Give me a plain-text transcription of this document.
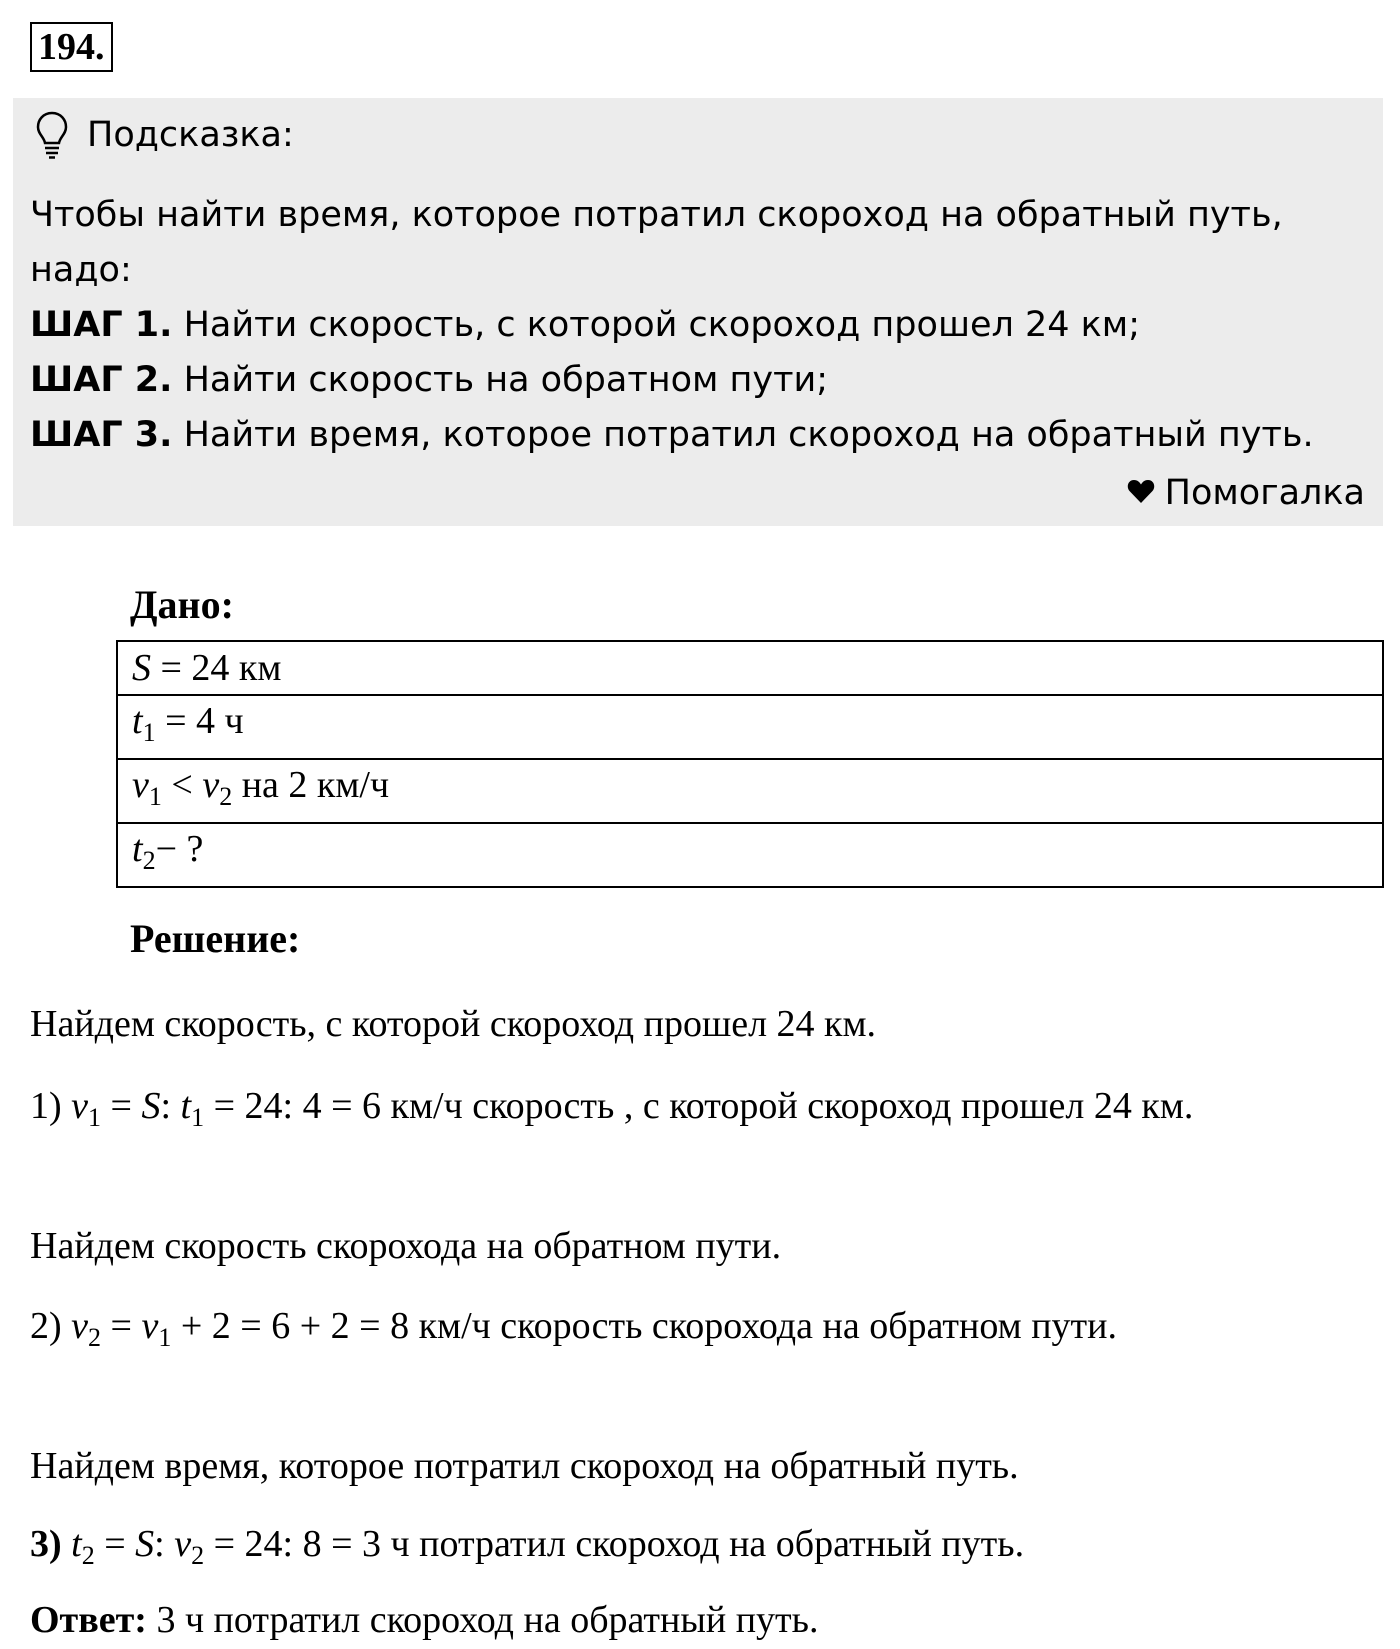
194.
Подсказка:
Чтобы найти время, которое потратил скороход на обратный путь, надо:
ШАГ 1. Найти скорость, с которой скороход прошел 24 км;
ШАГ 2. Найти скорость на обратном пути;
ШАГ 3. Найти время, которое потратил скороход на обратный путь.
Помогалка
Дано:
S = 24 км
$t_1 = 4$ ч
$v_1 < v_2$ на 2 км/ч
$t_2-$ ?
Решение:
Найдем скорость, с которой скороход прошел 24 км.
1) $v_1 = S$: $t_1 = 24$: 4 = 6 км/ч скорость , с которой скороход прошел 24 км.
Найдем скорость скорохода на обратном пути.
2) $v_2 = v_1 + 2 = 6 + 2 = 8$ км/ч скорость скорохода на обратном пути.
Найдем время, которое потратил скороход на обратный путь.
3) $t_2 = S$: $v_2 = 24$: 8 = 3 ч потратил скороход на обратный путь.
Ответ: 3 ч потратил скороход на обратный путь.
